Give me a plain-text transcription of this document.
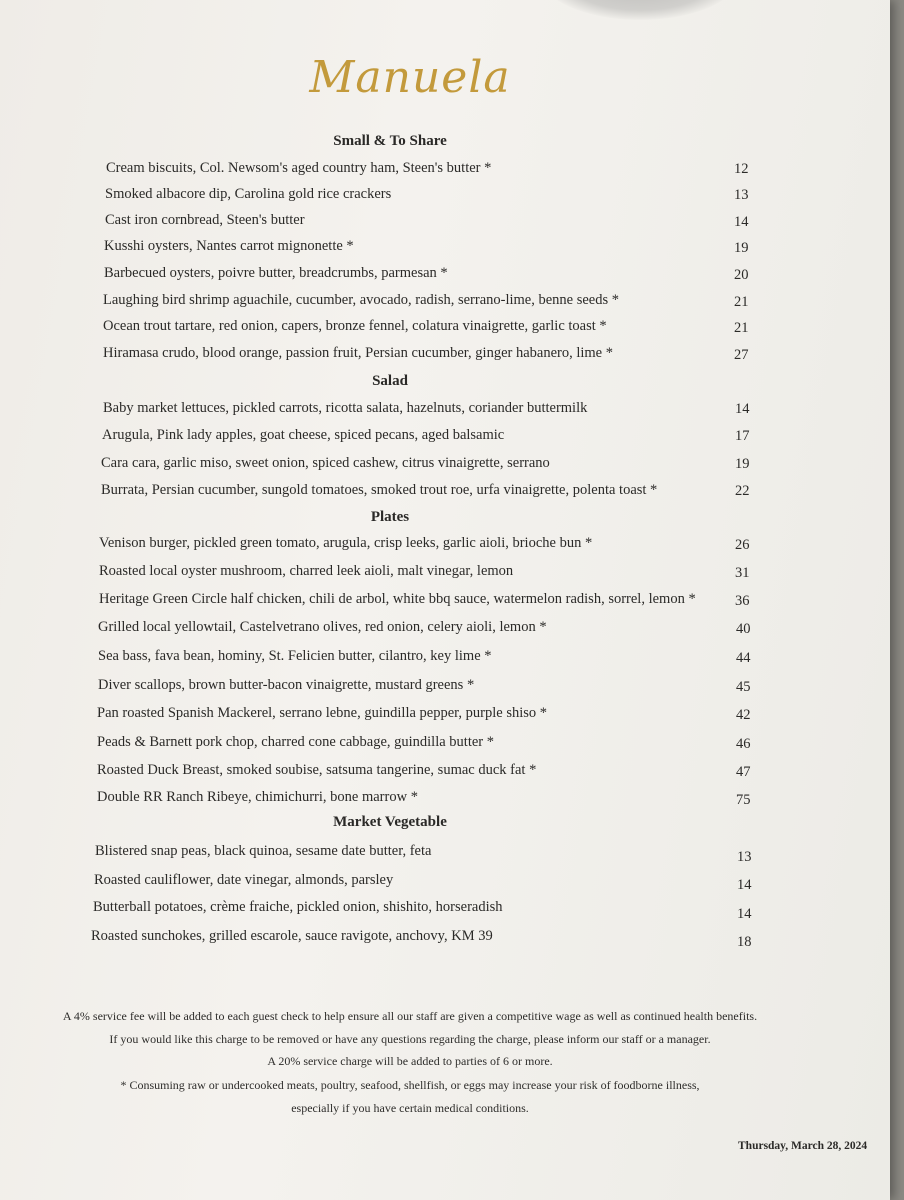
Manuela
Small & To Share
Cream biscuits, Col. Newsom's aged country ham, Steen's butter *	12
Smoked albacore dip, Carolina gold rice crackers	13
Cast iron cornbread, Steen's butter	14
Kusshi oysters, Nantes carrot mignonette *	19
Barbecued oysters, poivre butter, breadcrumbs, parmesan *	20
Laughing bird shrimp aguachile, cucumber, avocado, radish, serrano-lime, benne seeds *	21
Ocean trout tartare, red onion, capers, bronze fennel, colatura vinaigrette, garlic toast *	21
Hiramasa crudo, blood orange, passion fruit, Persian cucumber, ginger habanero, lime *	27
Salad
Baby market lettuces, pickled carrots, ricotta salata, hazelnuts, coriander buttermilk	14
Arugula, Pink lady apples, goat cheese, spiced pecans, aged balsamic	17
Cara cara, garlic miso, sweet onion, spiced cashew, citrus vinaigrette, serrano	19
Burrata, Persian cucumber, sungold tomatoes, smoked trout roe, urfa vinaigrette, polenta toast *	22
Plates
Venison burger, pickled green tomato, arugula, crisp leeks, garlic aioli, brioche bun *	26
Roasted local oyster mushroom, charred leek aioli, malt vinegar, lemon	31
Heritage Green Circle half chicken, chili de arbol, white bbq sauce, watermelon radish, sorrel, lemon *	36
Grilled local yellowtail, Castelvetrano olives, red onion, celery aioli, lemon *	40
Sea bass, fava bean, hominy, St. Felicien butter, cilantro, key lime *	44
Diver scallops, brown butter-bacon vinaigrette, mustard greens *	45
Pan roasted Spanish Mackerel, serrano lebne, guindilla pepper, purple shiso *	42
Peads & Barnett pork chop, charred cone cabbage, guindilla butter *	46
Roasted Duck Breast, smoked soubise, satsuma tangerine, sumac duck fat *	47
Double RR Ranch Ribeye, chimichurri, bone marrow *	75
Market Vegetable
Blistered snap peas, black quinoa, sesame date butter, feta	13
Roasted cauliflower, date vinegar, almonds, parsley	14
Butterball potatoes, crème fraiche, pickled onion, shishito, horseradish	14
Roasted sunchokes, grilled escarole, sauce ravigote, anchovy, KM 39	18
A 4% service fee will be added to each guest check to help ensure all our staff are given a competitive wage as well as continued health benefits.
If you would like this charge to be removed or have any questions regarding the charge, please inform our staff or a manager.
A 20% service charge will be added to parties of 6 or more.
* Consuming raw or undercooked meats, poultry, seafood, shellfish, or eggs may increase your risk of foodborne illness,
especially if you have certain medical conditions.
Thursday, March 28, 2024
